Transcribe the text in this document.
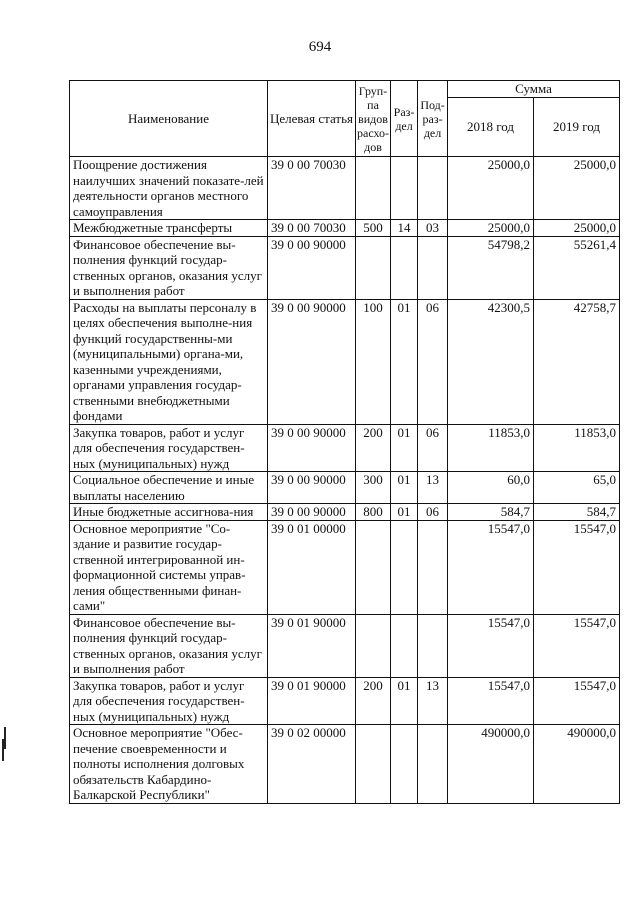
694
Наименование	Целевая статья	Груп-па видов расхо-дов	Раз-дел	Под-раз-дел	Сумма	
					2018 год	2019 год
Поощрение достижения наилучших значений показате-лей деятельности органов местного самоуправления	39 0 00 70030				25000,0	25000,0
Межбюджетные трансферты	39 0 00 70030	500	14	03	25000,0	25000,0
Финансовое обеспечение вы-полнения функций государ-ственных органов, оказания услуг и выполнения работ	39 0 00 90000				54798,2	55261,4
Расходы на выплаты персоналу в целях обеспечения выполне-ния функций государственны-ми (муниципальными) органа-ми, казенными учреждениями, органами управления государ-ственными внебюджетными фондами	39 0 00 90000	100	01	06	42300,5	42758,7
Закупка товаров, работ и услуг для обеспечения государствен-ных (муниципальных) нужд	39 0 00 90000	200	01	06	11853,0	11853,0
Социальное обеспечение и иные выплаты населению	39 0 00 90000	300	01	13	60,0	65,0
Иные бюджетные ассигнова-ния	39 0 00 90000	800	01	06	584,7	584,7
Основное мероприятие "Со-здание и развитие государ-ственной интегрированной ин-формационной системы управ-ления общественными финан-сами"	39 0 01 00000				15547,0	15547,0
Финансовое обеспечение вы-полнения функций государ-ственных органов, оказания услуг и выполнения работ	39 0 01 90000				15547,0	15547,0
Закупка товаров, работ и услуг для обеспечения государствен-ных (муниципальных) нужд	39 0 01 90000	200	01	13	15547,0	15547,0
Основное мероприятие "Обес-печение своевременности и полноты исполнения долговых обязательств Кабардино-Балкарской Республики"	39 0 02 00000				490000,0	490000,0
